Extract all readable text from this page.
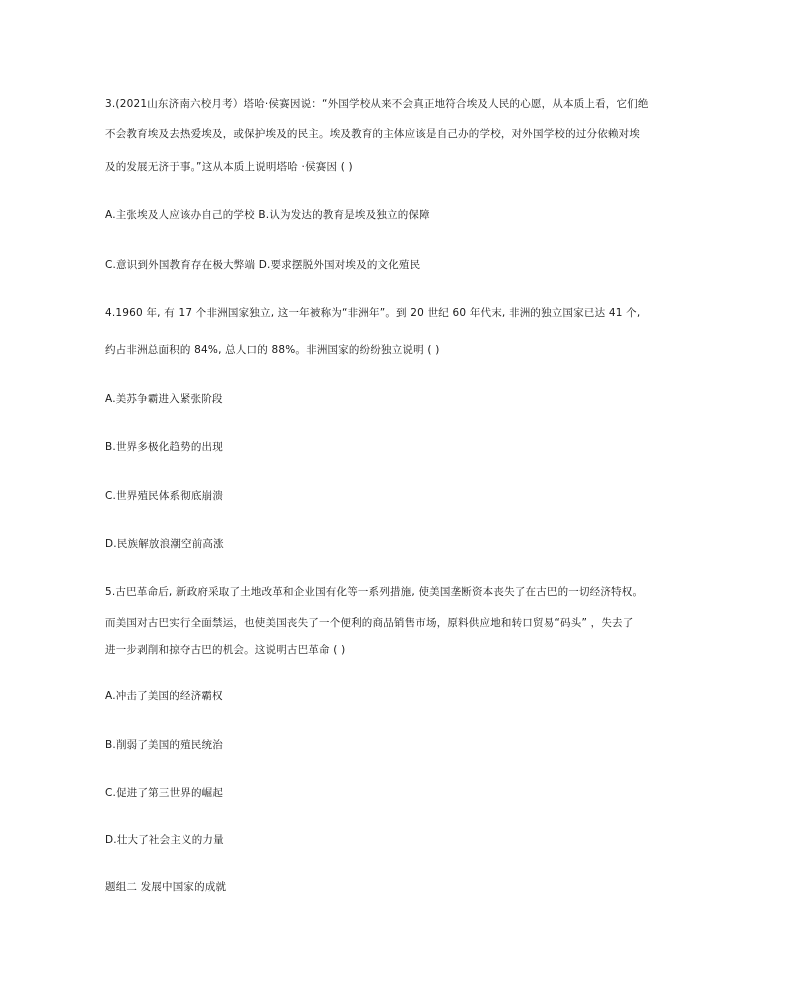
3.(2021山东济南六校月考）塔哈·侯赛因说：“外国学校从来不会真正地符合埃及人民的心愿，从本质上看，它们绝
不会教育埃及去热爱埃及，或保护埃及的民主。埃及教育的主体应该是自己办的学校，对外国学校的过分依赖对埃
及的发展无济于事。”这从本质上说明塔哈 ·侯赛因 ( )
A.主张埃及人应该办自己的学校 B.认为发达的教育是埃及独立的保障
C.意识到外国教育存在极大弊端 D.要求摆脱外国对埃及的文化殖民
4.1960 年, 有 17 个非洲国家独立, 这一年被称为“非洲年”。到 20 世纪 60 年代末, 非洲的独立国家已达 41 个,
约占非洲总面积的 84%, 总人口的 88%。非洲国家的纷纷独立说明 ( )
A.美苏争霸进入紧张阶段
B.世界多极化趋势的出现
C.世界殖民体系彻底崩溃
D.民族解放浪潮空前高涨
5.古巴革命后, 新政府采取了土地改革和企业国有化等一系列措施, 使美国垄断资本丧失了在古巴的一切经济特权。
而美国对古巴实行全面禁运，也使美国丧失了一个便利的商品销售市场，原料供应地和转口贸易“码头” ，失去了
进一步剥削和掠夺古巴的机会。这说明古巴革命 ( )
A.冲击了美国的经济霸权
B.削弱了美国的殖民统治
C.促进了第三世界的崛起
D.壮大了社会主义的力量
题组二 发展中国家的成就
